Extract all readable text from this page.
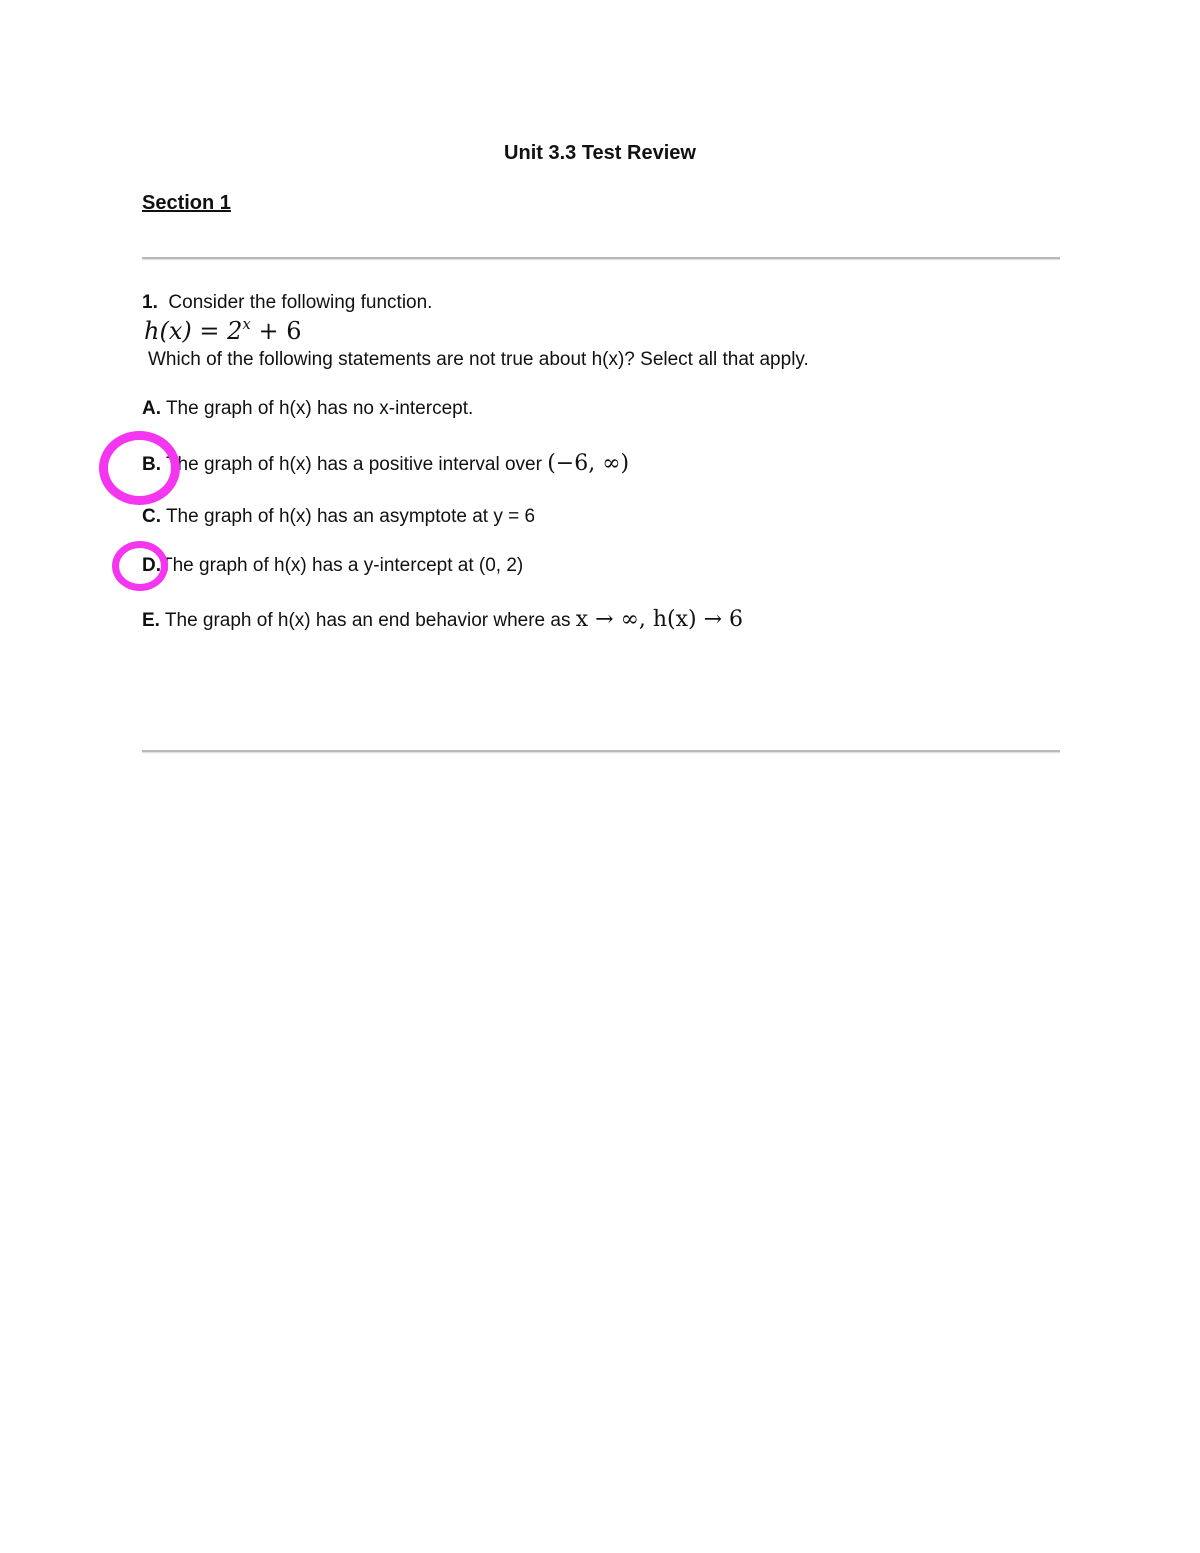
Unit 3.3 Test Review
Section 1
1. Consider the following function.
$h(x) = 2^x + 6$
Which of the following statements are not true about h(x)? Select all that apply.
A. The graph of h(x) has no x-intercept.
B. The graph of h(x) has a positive interval over (−6, ∞)
C. The graph of h(x) has an asymptote at y = 6
D.The graph of h(x) has a y-intercept at (0, 2)
E. The graph of h(x) has an end behavior where as x → ∞, h(x) → 6
